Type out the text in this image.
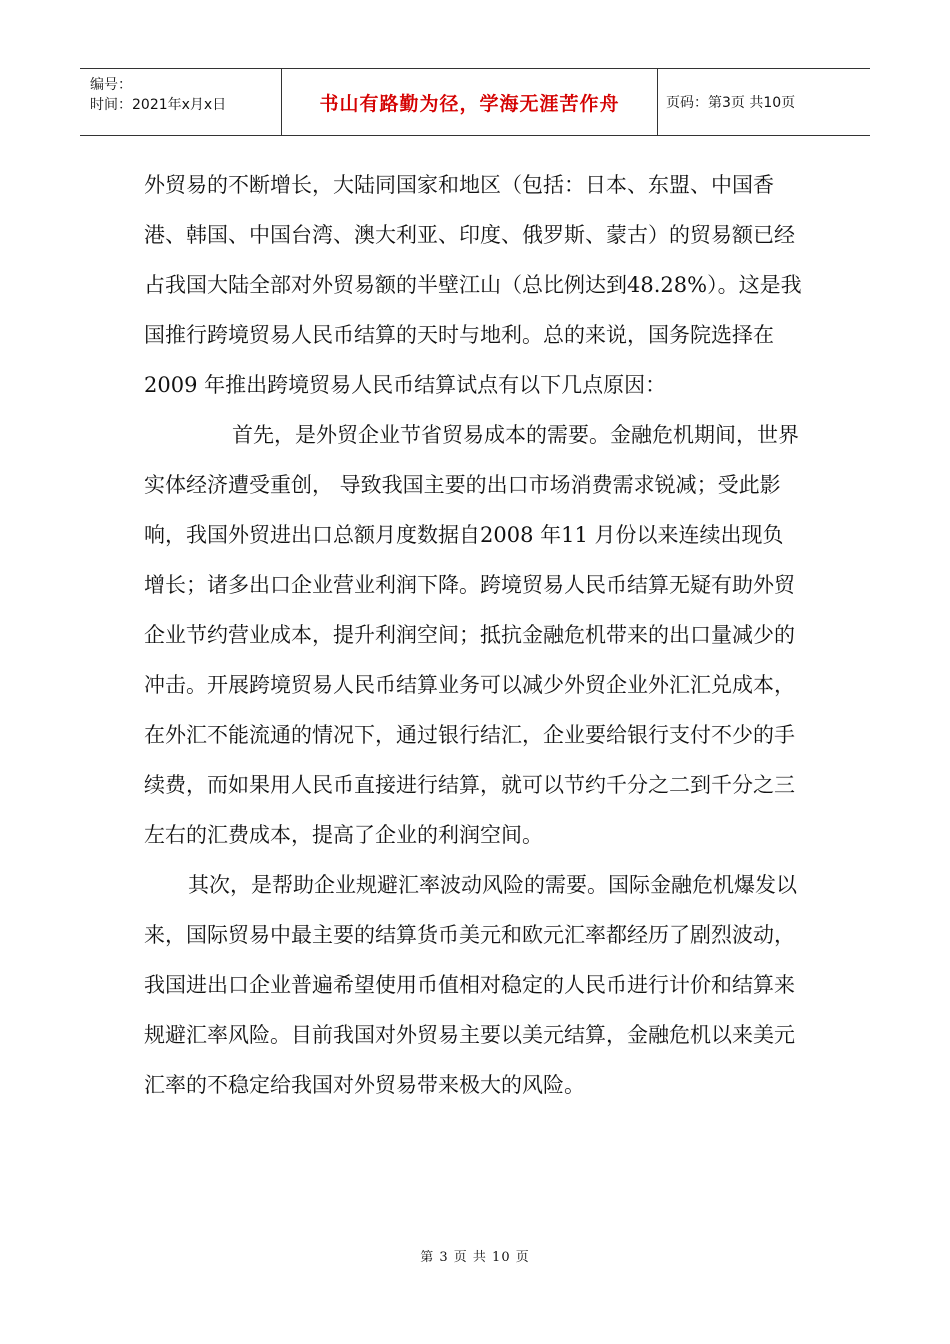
编号：
时间：2021年x月x日	书山有路勤为径，学海无涯苦作舟	页码：第3页 共10页

外贸易的不断增长，大陆同国家和地区（包括：日本、东盟、中国香港、韩国、中国台湾、澳大利亚、印度、俄罗斯、蒙古）的贸易额已经占我国大陆全部对外贸易额的半壁江山（总比例达到48.28%）。这是我国推行跨境贸易人民币结算的天时与地利。总的来说，国务院选择在2009 年推出跨境贸易人民币结算试点有以下几点原因：

首先，是外贸企业节省贸易成本的需要。金融危机期间，世界实体经济遭受重创， 导致我国主要的出口市场消费需求锐减；受此影响，我国外贸进出口总额月度数据自2008 年11 月份以来连续出现负增长；诸多出口企业营业利润下降。跨境贸易人民币结算无疑有助外贸企业节约营业成本，提升利润空间；抵抗金融危机带来的出口量减少的冲击。开展跨境贸易人民币结算业务可以减少外贸企业外汇汇兑成本，在外汇不能流通的情况下，通过银行结汇，企业要给银行支付不少的手续费，而如果用人民币直接进行结算，就可以节约千分之二到千分之三左右的汇费成本，提高了企业的利润空间。

其次，是帮助企业规避汇率波动风险的需要。国际金融危机爆发以来，国际贸易中最主要的结算货币美元和欧元汇率都经历了剧烈波动，我国进出口企业普遍希望使用币值相对稳定的人民币进行计价和结算来规避汇率风险。目前我国对外贸易主要以美元结算，金融危机以来美元汇率的不稳定给我国对外贸易带来极大的风险。

第 3 页 共 10 页
